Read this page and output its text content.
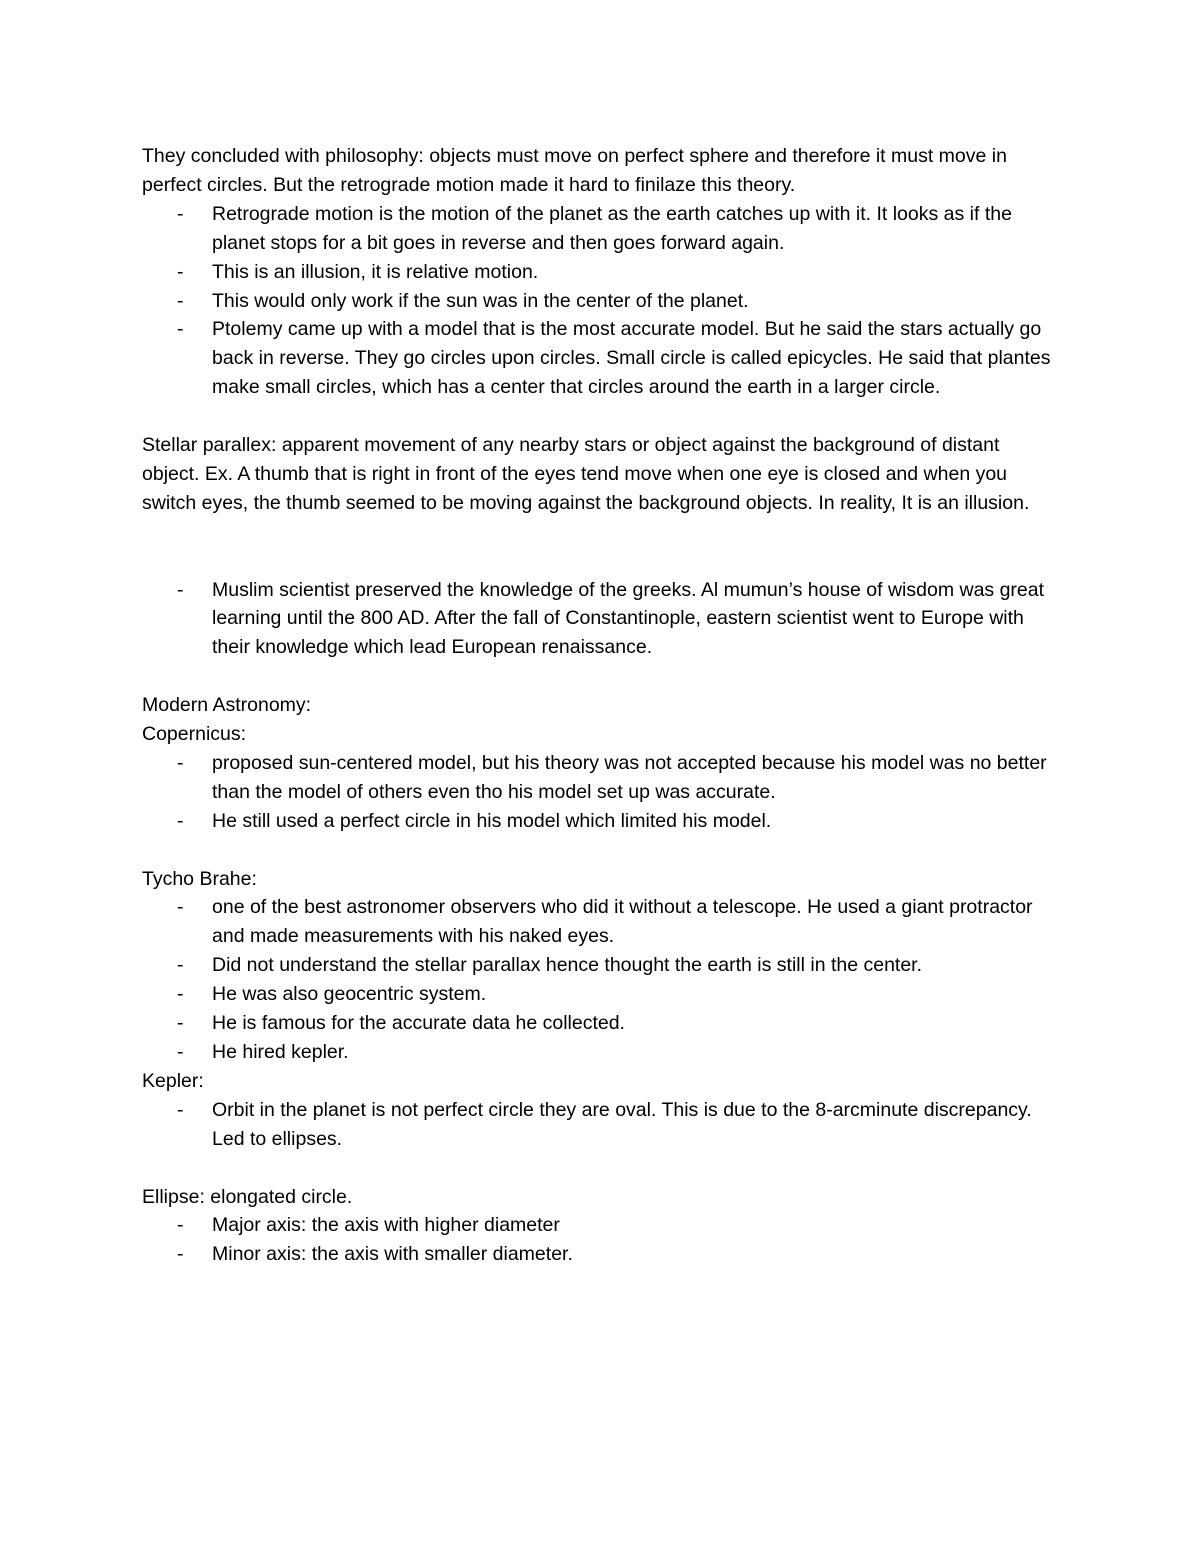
They concluded with philosophy: objects must move on perfect sphere and therefore it must move in perfect circles. But the retrograde motion made it hard to finilaze this theory.

- Retrograde motion is the motion of the planet as the earth catches up with it. It looks as if the planet stops for a bit goes in reverse and then goes forward again.
- This is an illusion, it is relative motion.
- This would only work if the sun was in the center of the planet.
- Ptolemy came up with a model that is the most accurate model. But he said the stars actually go back in reverse. They go circles upon circles. Small circle is called epicycles. He said that plantes make small circles, which has a center that circles around the earth in a larger circle.

Stellar parallex: apparent movement of any nearby stars or object against the background of distant object. Ex. A thumb that is right in front of the eyes tend move when one eye is closed and when you switch eyes, the thumb seemed to be moving against the background objects. In reality, It is an illusion.

- Muslim scientist preserved the knowledge of the greeks. Al mumun’s house of wisdom was great learning until the 800 AD. After the fall of Constantinople, eastern scientist went to Europe with their knowledge which lead European renaissance.

Modern Astronomy:

Copernicus:

- proposed sun-centered model, but his theory was not accepted because his model was no better than the model of others even tho his model set up was accurate.
- He still used a perfect circle in his model which limited his model.

Tycho Brahe:

- one of the best astronomer observers who did it without a telescope. He used a giant protractor and made measurements with his naked eyes.
- Did not understand the stellar parallax hence thought the earth is still in the center.
- He was also geocentric system.
- He is famous for the accurate data he collected.
- He hired kepler.

Kepler:

- Orbit in the planet is not perfect circle they are oval. This is due to the 8-arcminute discrepancy. Led to ellipses.

Ellipse: elongated circle.

- Major axis: the axis with higher diameter
- Minor axis: the axis with smaller diameter.
